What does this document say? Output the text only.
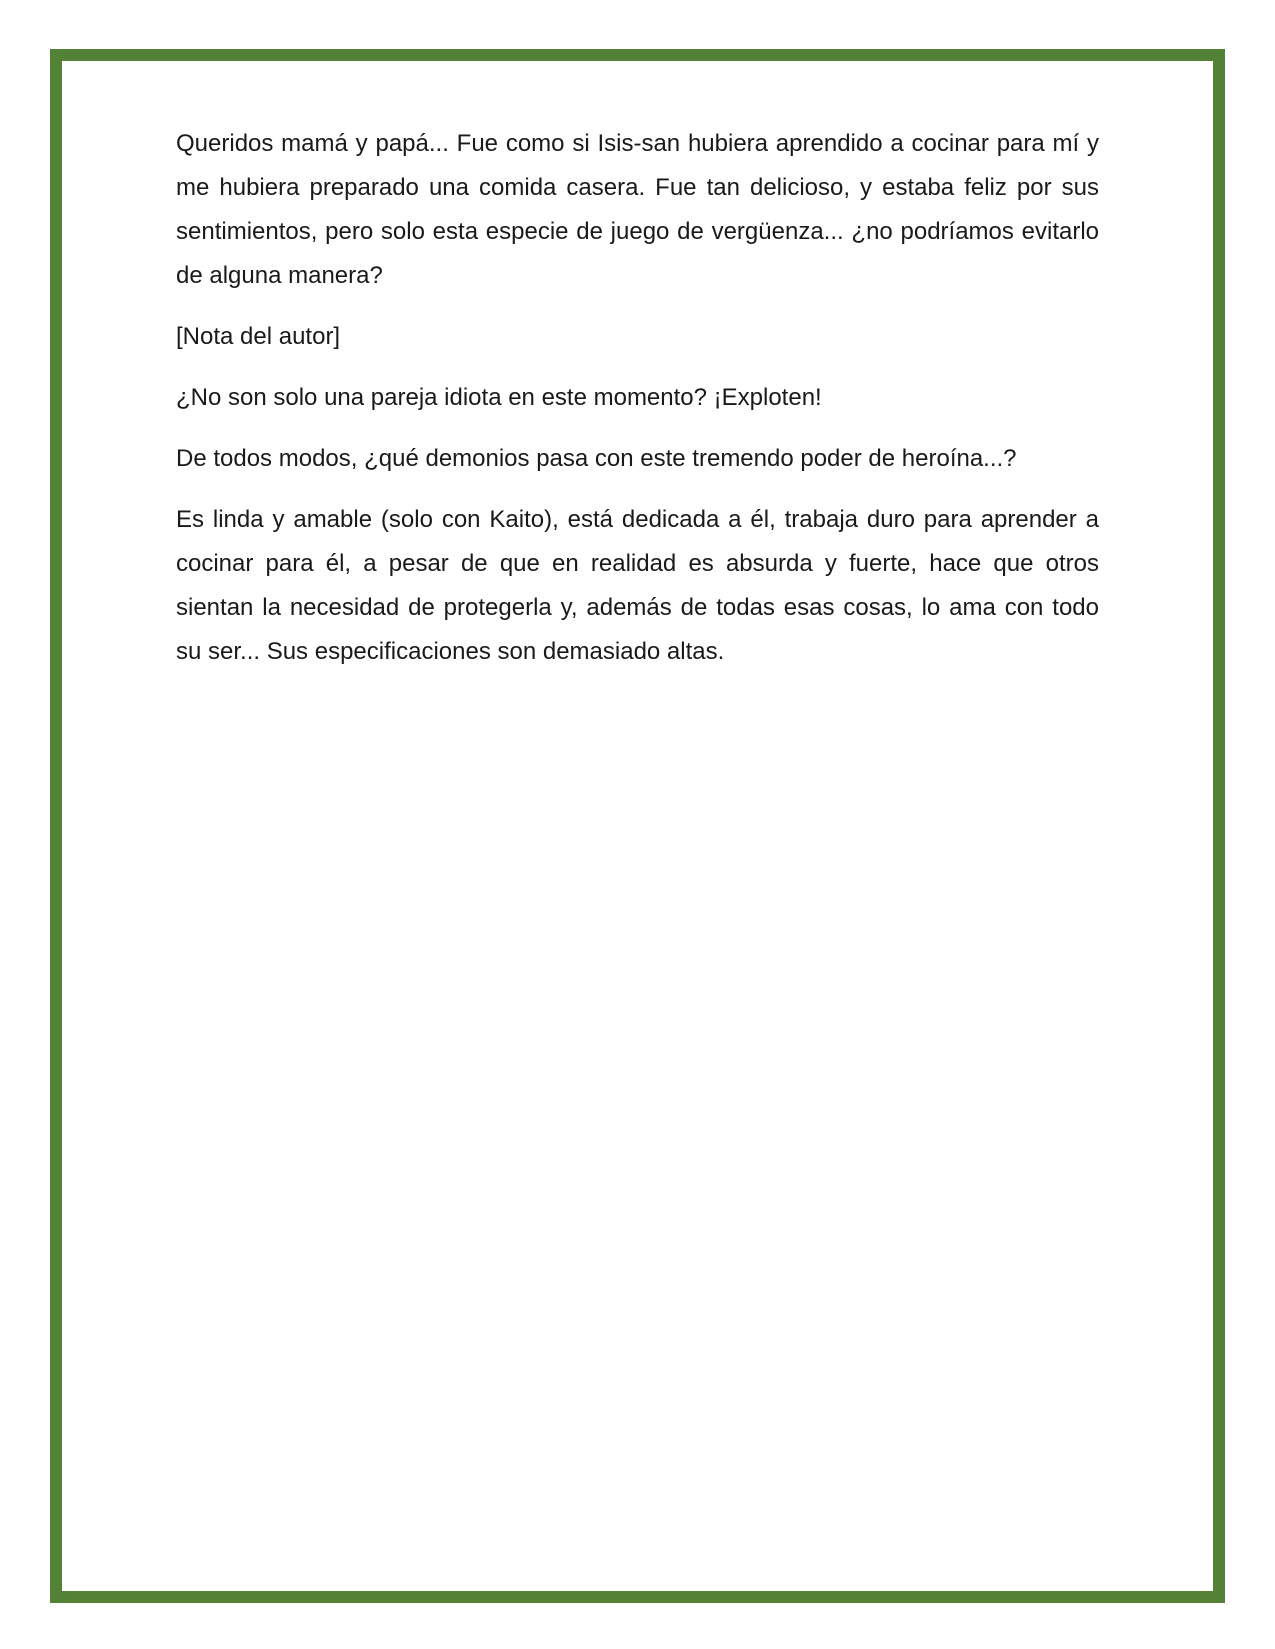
Queridos mamá y papá... Fue como si Isis-san hubiera aprendido a cocinar para mí y me hubiera preparado una comida casera. Fue tan delicioso, y estaba feliz por sus sentimientos, pero solo esta especie de juego de vergüenza... ¿no podríamos evitarlo de alguna manera?

[Nota del autor]

¿No son solo una pareja idiota en este momento? ¡Exploten!

De todos modos, ¿qué demonios pasa con este tremendo poder de heroína...?

Es linda y amable (solo con Kaito), está dedicada a él, trabaja duro para aprender a cocinar para él, a pesar de que en realidad es absurda y fuerte, hace que otros sientan la necesidad de protegerla y, además de todas esas cosas, lo ama con todo su ser... Sus especificaciones son demasiado altas.
